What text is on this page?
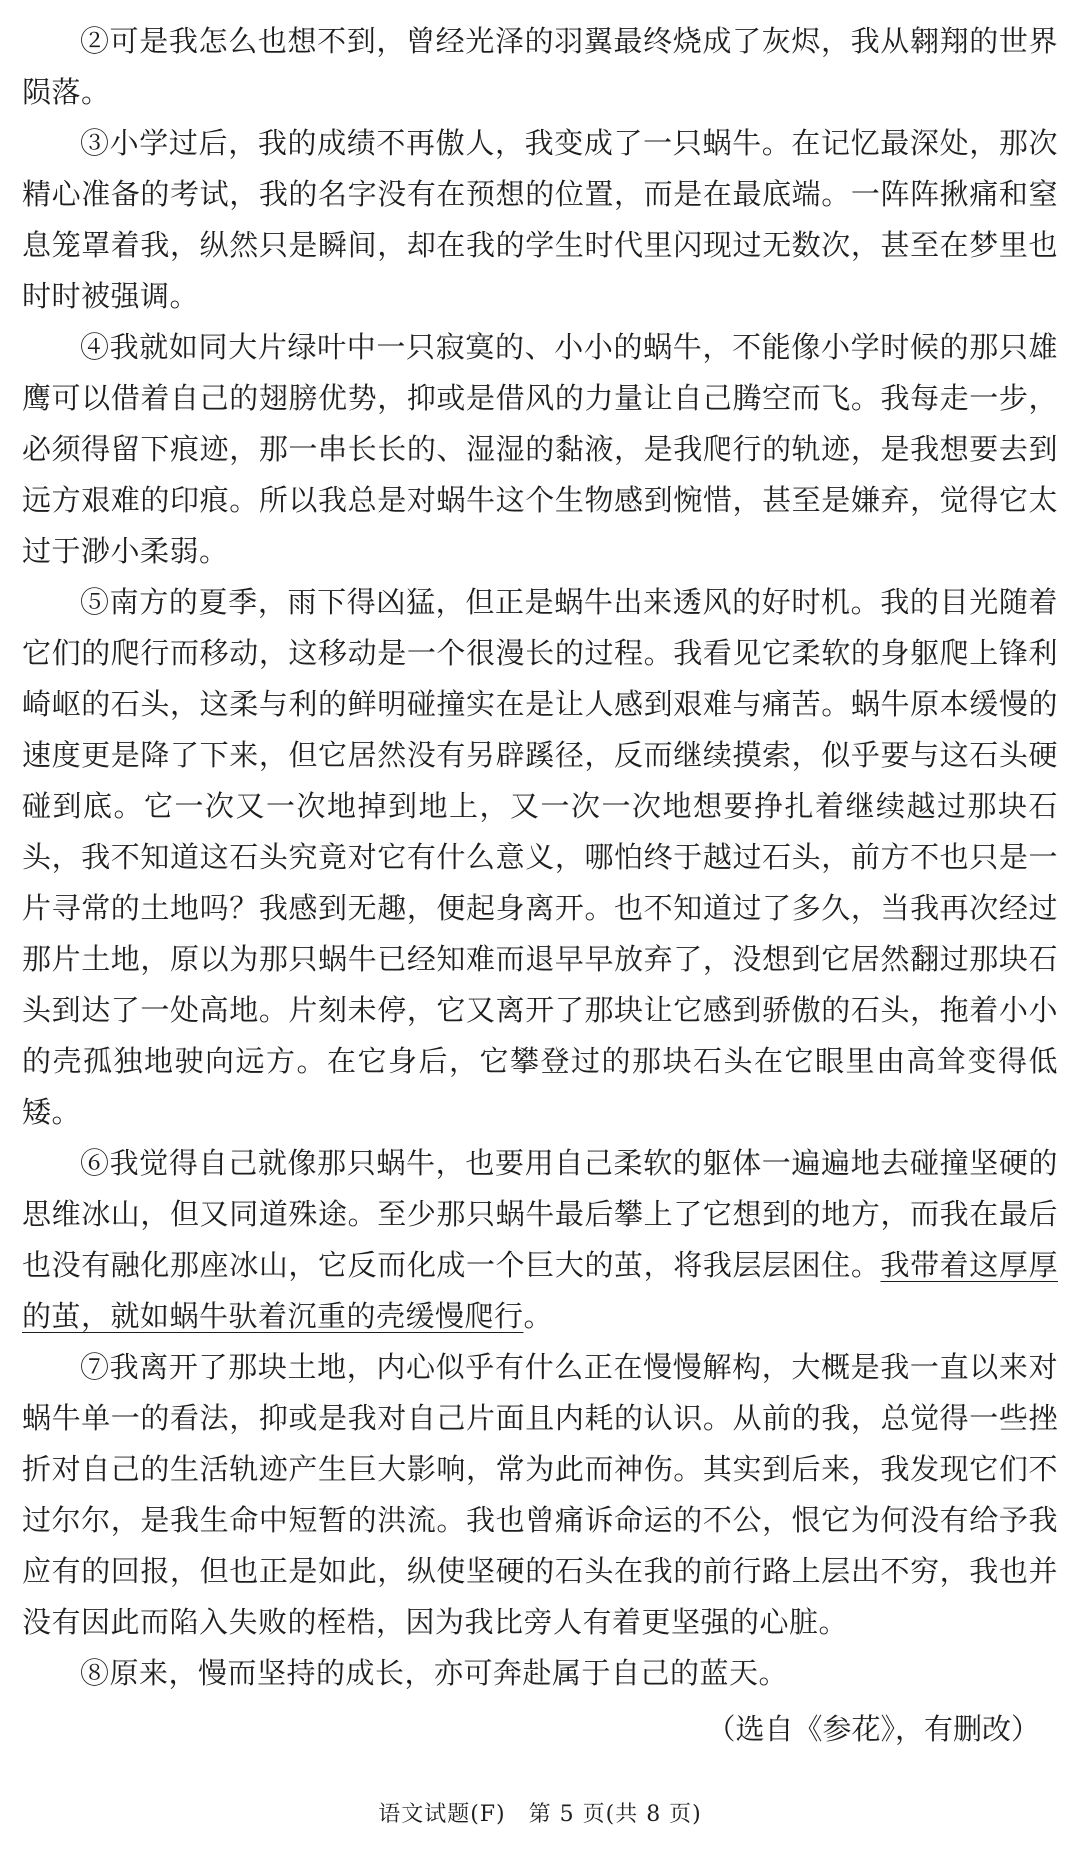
②可是我怎么也想不到，曾经光泽的羽翼最终烧成了灰烬，我从翱翔的世界陨落。

③小学过后，我的成绩不再傲人，我变成了一只蜗牛。在记忆最深处，那次精心准备的考试，我的名字没有在预想的位置，而是在最底端。一阵阵揪痛和窒息笼罩着我，纵然只是瞬间，却在我的学生时代里闪现过无数次，甚至在梦里也时时被强调。

④我就如同大片绿叶中一只寂寞的、小小的蜗牛，不能像小学时候的那只雄鹰可以借着自己的翅膀优势，抑或是借风的力量让自己腾空而飞。我每走一步，必须得留下痕迹，那一串长长的、湿湿的黏液，是我爬行的轨迹，是我想要去到远方艰难的印痕。所以我总是对蜗牛这个生物感到惋惜，甚至是嫌弃，觉得它太过于渺小柔弱。

⑤南方的夏季，雨下得凶猛，但正是蜗牛出来透风的好时机。我的目光随着它们的爬行而移动，这移动是一个很漫长的过程。我看见它柔软的身躯爬上锋利崎岖的石头，这柔与利的鲜明碰撞实在是让人感到艰难与痛苦。蜗牛原本缓慢的速度更是降了下来，但它居然没有另辟蹊径，反而继续摸索，似乎要与这石头硬碰到底。它一次又一次地掉到地上，又一次一次地想要挣扎着继续越过那块石头，我不知道这石头究竟对它有什么意义，哪怕终于越过石头，前方不也只是一片寻常的土地吗？我感到无趣，便起身离开。也不知道过了多久，当我再次经过那片土地，原以为那只蜗牛已经知难而退早早放弃了，没想到它居然翻过那块石头到达了一处高地。片刻未停，它又离开了那块让它感到骄傲的石头，拖着小小的壳孤独地驶向远方。在它身后，它攀登过的那块石头在它眼里由高耸变得低矮。

⑥我觉得自己就像那只蜗牛，也要用自己柔软的躯体一遍遍地去碰撞坚硬的思维冰山，但又同道殊途。至少那只蜗牛最后攀上了它想到的地方，而我在最后也没有融化那座冰山，它反而化成一个巨大的茧，将我层层困住。我带着这厚厚的茧，就如蜗牛驮着沉重的壳缓慢爬行。

⑦我离开了那块土地，内心似乎有什么正在慢慢解构，大概是我一直以来对蜗牛单一的看法，抑或是我对自己片面且内耗的认识。从前的我，总觉得一些挫折对自己的生活轨迹产生巨大影响，常为此而神伤。其实到后来，我发现它们不过尔尔，是我生命中短暂的洪流。我也曾痛诉命运的不公，恨它为何没有给予我应有的回报，但也正是如此，纵使坚硬的石头在我的前行路上层出不穷，我也并没有因此而陷入失败的桎梏，因为我比旁人有着更坚强的心脏。

⑧原来，慢而坚持的成长，亦可奔赴属于自己的蓝天。

（选自《参花》，有删改）

语文试题(F)　第 5 页(共 8 页)
